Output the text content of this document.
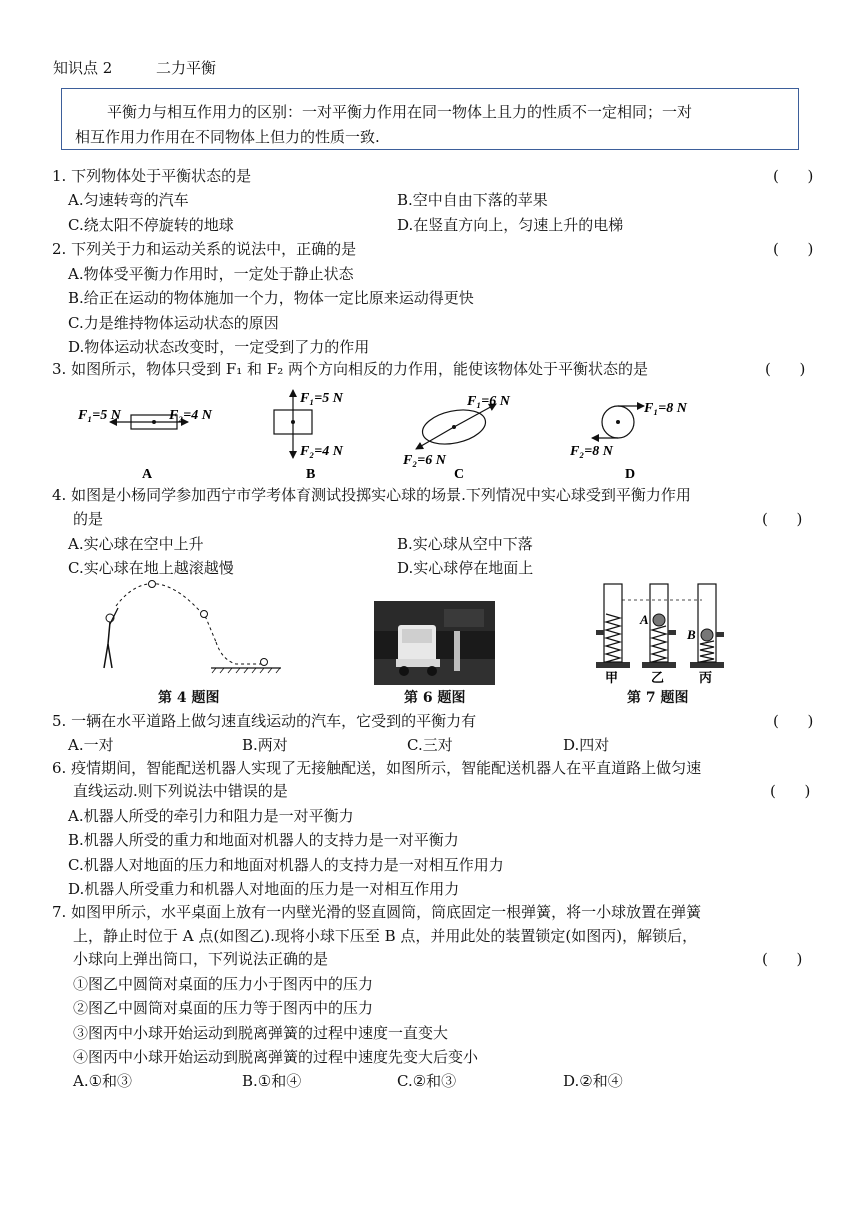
知识点 2	二力平衡
平衡力与相互作用力的区别：一对平衡力作用在同一物体上且力的性质不一定相同；一对
相互作用力作用在不同物体上但力的性质一致.
1. 下列物体处于平衡状态的是	(      )
A.匀速转弯的汽车	B.空中自由下落的苹果
C.绕太阳不停旋转的地球	D.在竖直方向上，匀速上升的电梯
2. 下列关于力和运动关系的说法中，正确的是	(      )
A.物体受平衡力作用时，一定处于静止状态
B.给正在运动的物体施加一个力，物体一定比原来运动得更快
C.力是维持物体运动状态的原因
D.物体运动状态改变时，一定受到了力的作用
3. 如图所示，物体只受到 F₁ 和 F₂ 两个方向相反的力作用，能使该物体处于平衡状态的是	(      )
F₁=5 N	F₂=4 N
A
F₁=5 N
F₂=4 N
B
F₁=6 N
F₂=6 N
C
F₁=8 N
F₂=8 N
D
4. 如图是小杨同学参加西宁市学考体育测试投掷实心球的场景.下列情况中实心球受到平衡力作用
的是	(      )
A.实心球在空中上升	B.实心球从空中下落
C.实心球在地上越滚越慢	D.实心球停在地面上
第 4 题图	第 6 题图
A
B
甲	乙	丙
第 7 题图
5. 一辆在水平道路上做匀速直线运动的汽车，它受到的平衡力有	(      )
A.一对	B.两对	C.三对	D.四对
6. 疫情期间，智能配送机器人实现了无接触配送，如图所示，智能配送机器人在平直道路上做匀速
直线运动.则下列说法中错误的是	(      )
A.机器人所受的牵引力和阻力是一对平衡力
B.机器人所受的重力和地面对机器人的支持力是一对平衡力
C.机器人对地面的压力和地面对机器人的支持力是一对相互作用力
D.机器人所受重力和机器人对地面的压力是一对相互作用力
7. 如图甲所示，水平桌面上放有一内壁光滑的竖直圆筒，筒底固定一根弹簧，将一小球放置在弹簧
上，静止时位于 A 点(如图乙).现将小球下压至 B 点，并用此处的装置锁定(如图丙)，解锁后，
小球向上弹出筒口，下列说法正确的是	(      )
①图乙中圆筒对桌面的压力小于图丙中的压力
②图乙中圆筒对桌面的压力等于图丙中的压力
③图丙中小球开始运动到脱离弹簧的过程中速度一直变大
④图丙中小球开始运动到脱离弹簧的过程中速度先变大后变小
A.①和③	B.①和④	C.②和③	D.②和④
